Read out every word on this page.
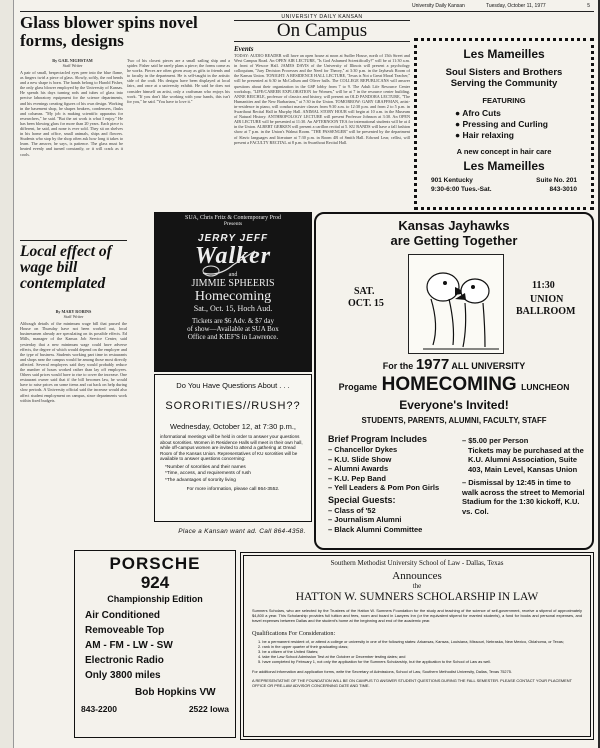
University Daily Kansan	Tuesday, October 11, 1977	5
Glass blower spins novel forms, designs
By GAIL NIGHSTAM
Staff Writer
A pair of small, bespectacled eyes peer into the blue flame, as fingers twirl a piece of glass. Slowly, softly, the rod bends and a new shape is born. The hands belong to Harold Fisher, the only glass blower employed by the University of Kansas. He spends his days turning rods and tubes of glass into precise laboratory equipment for the science departments, and his evenings creating figures of his own design. Working in the basement shop, he shapes beakers, condensers, flasks and columns. ''My job is making scientific apparatus for researchers,'' he said. ''But the art work is what I enjoy.'' He has been blowing glass for more than 20 years. Each piece is different, he said, and none is ever sold. They sit on shelves in his home and office, small animals, ships and flowers. Students who stop by the shop often ask how long it takes to learn. The answer, he says, is patience. The glass must be heated evenly and turned constantly, or it will crack as it cools.
Two of his closest pieces are a small sailing ship and a spider. Fisher said he rarely plans a piece; the forms come as he works. Pieces are often given away as gifts to friends and to faculty in the department. He is self-taught in the artistic side of the craft. His designs have been displayed at local fairs, and once at a university exhibit. He said he does not consider himself an artist, only a craftsman who enjoys his work. ''If you don't like working with your hands, this isn't for you,'' he said. ''You have to love it.''
Local effect of wage bill contemplated
By MARY ROBINS
Staff Writer
Although details of the minimum wage bill that passed the House on Thursday have not been worked out, local businessmen already are speculating on its possible effects. Ed Mills, manager of the Kansas Job Service Center, said yesterday that a new minimum wage could have adverse effects, the degree of which would depend on the employer and the type of business. Students working part time in restaurants and shops near the campus would be among those most directly affected. Several employers said they would probably reduce the number of hours worked rather than lay off employees. Others said prices would have to rise to cover the increase. One restaurant owner said that if the bill becomes law, he would have to raise prices on some items and cut back on help during slow periods. A University official said the increase would also affect student employment on campus, since departments work within fixed budgets.
UNIVERSITY DAILY KANSAN
On Campus
Events
TODAY: AUDIO READER will have an open house at noon at Sudler House, north of 15th Street and West Campus Road. An OPEN AIR LECTURE, ''Is God Ashamed Scientifically?'' will be at 11:30 a.m. in front of Wescoe Hall. JAMES DAVIS of the University of Illinois will present a psychology colloquium, ''Jury Decision Processes and the Need for Theory,'' at 3:30 p.m. in the Jayhawk Room of the Kansas Union. TONIGHT: A RESIDENCE HALL LECTURE, ''Jesus is Not a Great Moral Teacher,'' will be presented at 6:30 in McCollum and Oliver halls. The COLLEGE REPUBLICANS will answer questions about their organization in the GSP lobby from 7 to 9. The Adult Life Resource Center workshop, ''LIFE/CAREER EXPLORATION for Women,'' will be at 7 in the resource center building. ANNE REICHLE, professor of classics and history, will present an OLD PANDORA LECTURE, ''The Humanities and the New Barbarians,'' at 7:30 in the Union. TOMORROW: GARY GRAFFMAN, artist-in-residence in piano, will conduct master classes from 9:30 a.m. to 12:30 p.m. and from 2 to 5 p.m. in Swarthout Recital Hall in Murphy Hall. ANIMAL STORY HOUR will begin at 10 a.m. in the Museum of Natural History. ANTHROPOLOGY LECTURE will present Professor Johnson at 3:30. An OPEN AIR LECTURE will be presented at 11:30. An AFTERNOON TEA for international students will be at 4 in the Union. ALBERT GERKEN will present a carillon recital at 5. KU BANDS will have a fall fashion show at 7 p.m. in the Union's Walnut Room. ''THE PASSENGER'' will be presented by the department of Slavic languages and literature at 7:30 p.m. in Room 4B of Smith Hall. Edward Lear, cellist, will present a FACULTY RECITAL at 8 p.m. in Swarthout Recital Hall.
Les Mameilles
Soul Sisters and Brothers
Serving the Community
FEATURING
● Afro Cuts
● Pressing and Curling
● Hair relaxing
A new concept in hair care
Les Mameilles
901 Kentucky	Suite No. 201
9:30-6:00 Tues.-Sat.	843-3010
SUA, Chris Fritz & Contemporary Prod
Presents
JERRY JEFF
Walker
and
JIMMIE SPHEERIS
Homecoming
Sat., Oct. 15, Hoch Aud.
Tickets are $6 Adv. & $7 day
of show—Available at SUA Box
Office and KIEF'S in Lawrence.
Do You Have Questions About . . .
SORORITIES//RUSH??
Wednesday, October 12, at 7:30 p.m.,
informational meetings will be held in order to answer your questions about sororities. Women in Residence Halls will meet in their own hall, while off-campus women are invited to attend a gathering at Oread Room of the Kansas Union. Representatives of KU sororities will be available to answer questions concerning:
*Number of sororities and their names
*Time, access, and requirements of rush
*The advantages of sorority living
For more information, please call 864-3552.
Place a Kansan want ad. Call 864-4358.
Kansas Jayhawks
are Getting Together
SAT.
OCT. 15
11:30
UNION
BALLROOM
For the 1977 ALL UNIVERSITY
Progame HOMECOMING LUNCHEON
Everyone's Invited!
STUDENTS, PARENTS, ALUMNI, FACULTY, STAFF
Brief Program Includes
– Chancellor Dykes
– K.U. Slide Show
– Alumni Awards
– K.U. Pep Band
– Yell Leaders & Pom Pon Girls
Special Guests:
– Class of '52
– Journalism Alumni
– Black Alumni Committee
– $5.00 per Person
Tickets may be purchased at the K.U. Alumni Association, Suite 403, Main Level, Kansas Union
– Dismissal by 12:45 in time to walk across the street to Memorial Stadium for the 1:30 kickoff, K.U. vs. Col.
PORSCHE
924
Championship Edition
Air Conditioned
Removeable Top
AM - FM - LW - SW
Electronic Radio
Only 3800 miles
Bob Hopkins VW
843-2200	2522 Iowa
Southern Methodist University School of Law - Dallas, Texas
Announces
the
HATTON W. SUMNERS SCHOLARSHIP IN LAW
Sumners Scholars, who are selected by the Trustees of the Hatton W. Sumners Foundation for the study and teaching of the science of self-government, receive a stipend of approximately $4,800 a year. This Scholarship provides full tuition and fees, room and board in Lawyers Inn (or the equivalent stipend for married students), a fund for books and personal expenses, and travel expenses between Dallas and the student's home at the beginning and end of the academic year.
Qualifications For Consideration:
1. be a permanent resident of, or attend a college or university in one of the following states: Arkansas, Kansas, Louisiana, Missouri, Nebraska, New Mexico, Oklahoma, or Texas;
2. rank in the upper quarter of their graduating class;
3. be a citizen of the United States;
4. take the Law School Admission Test at the October or December testing dates; and
5. have completed by February 1, not only the application for the Sumners Scholarship, but the application to the School of Law as well.
For additional information and application forms, write the Secretary of Admissions, School of Law, Southern Methodist University, Dallas, Texas 75275.
A REPRESENTATIVE OF THE FOUNDATION WILL BE ON CAMPUS TO ANSWER STUDENT QUESTIONS DURING THE FALL SEMESTER. PLEASE CONTACT YOUR PLACEMENT OFFICE OR PRE-LAW ADVISOR CONCERNING DATE AND TIME.
